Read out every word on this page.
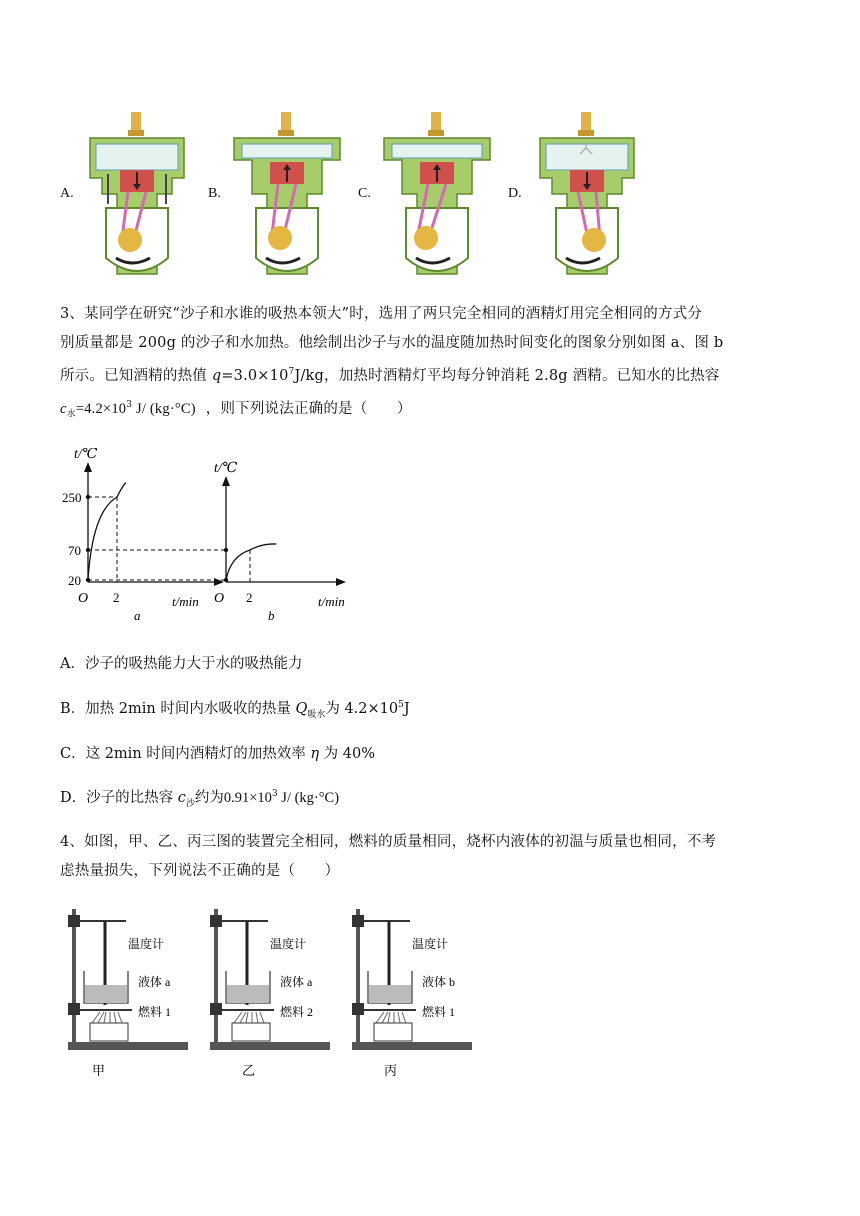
A.	B.	C.	D.
3、某同学在研究“沙子和水谁的吸热本领大”时，选用了两只完全相同的酒精灯用完全相同的方式分
别质量都是 200g 的沙子和水加热。他绘制出沙子与水的温度随加热时间变化的图象分别如图 a、图 b
所示。已知酒精的热值 $q=3.0\times 10^7J/kg$，加热时酒精灯平均每分钟消耗 2.8g 酒精。已知水的比热容
$c_水=4.2\times 10^3$ J/ (kg·°C) ，则下列说法正确的是（　　）
t/℃
t/℃
250
70
20
O 2	t/min O 2	t/min
a	b
A．沙子的吸热能力大于水的吸热能力
B．加热 2min 时间内水吸收的热量 $Q_{吸水}$为 $4.2\times 10^5J$
C．这 2min 时间内酒精灯的加热效率 η 为 40%
D．沙子的比热容 $c_沙$约为$0.91\times 10^3$ J/ (kg·°C)
4、如图，甲、乙、丙三图的装置完全相同，燃料的质量相同，烧杯内液体的初温与质量也相同，不考
虑热量损失，下列说法不正确的是（　　）
温度计
液体 a
燃料 1
甲
温度计
液体 a
燃料 2
乙
温度计
液体 b
燃料 1
丙
